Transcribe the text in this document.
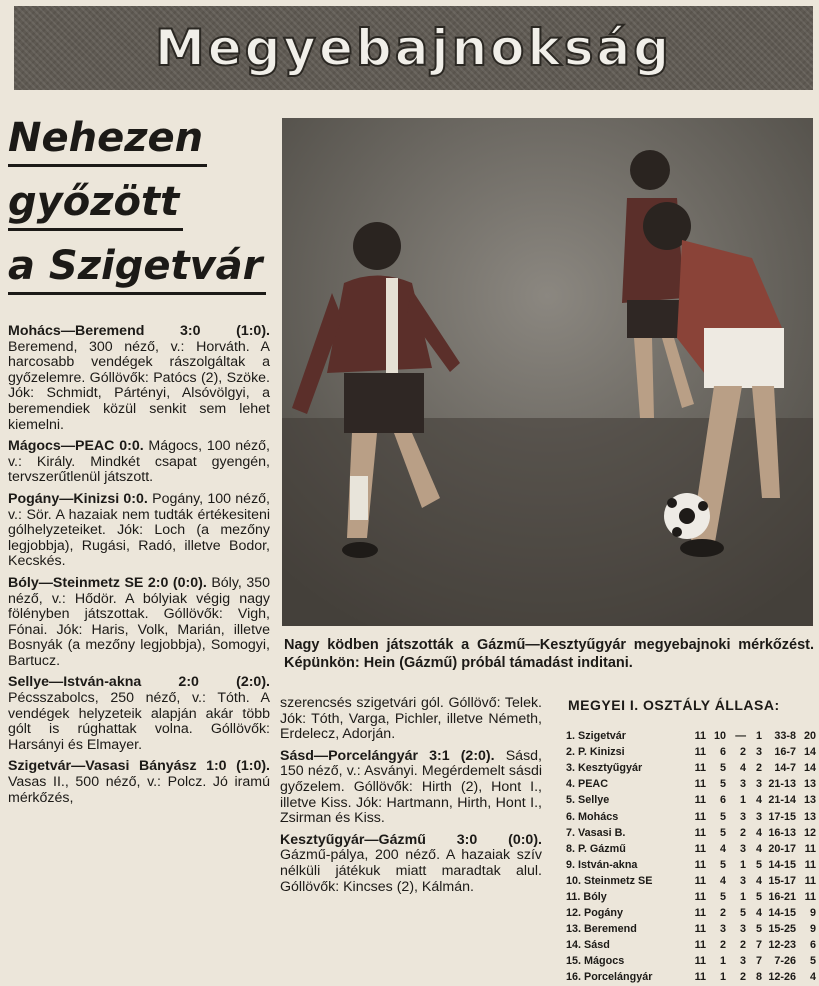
Megyebajnokság
Nehezen
győzött
a Szigetvár

Mohács—Beremend 3:0 (1:0). Beremend, 300 néző, v.: Horváth. A harcosabb vendégek rászolgáltak a győzelemre. Góllövők: Patócs (2), Szöke. Jók: Schmidt, Pártényi, Alsóvölgyi, a beremendiek közül senkit sem lehet kiemelni.

Mágocs—PEAC 0:0. Mágocs, 100 néző, v.: Király. Mindkét csapat gyengén, tervszerűtlenül játszott.

Pogány—Kinizsi 0:0. Pogány, 100 néző, v.: Sör. A hazaiak nem tudták értékesiteni gólhelyzeteiket. Jók: Loch (a mezőny legjobbja), Rugási, Radó, illetve Bodor, Kecskés.

Bóly—Steinmetz SE 2:0 (0:0). Bóly, 350 néző, v.: Hődör. A bólyiak végig nagy fölényben játszottak. Góllövők: Vigh, Fónai. Jók: Haris, Volk, Marián, illetve Bosnyák (a mezőny legjobbja), Somogyi, Bartucz.

Sellye—István-akna 2:0 (2:0). Pécsszabolcs, 250 néző, v.: Tóth. A vendégek helyzeteik alapján akár több gólt is rúghattak volna. Góllövők: Harsányi és Elmayer.

Szigetvár—Vasasi Bányász 1:0 (1:0). Vasas II., 500 néző, v.: Polcz. Jó iramú mérkőzés,

Nagy ködben játszották a Gázmű—Kesztyűgyár megyebajnoki mérkőzést. Képünkön: Hein (Gázmű) próbál támadást inditani.

szerencsés szigetvári gól. Góllövő: Telek. Jók: Tóth, Varga, Pichler, illetve Németh, Erdelecz, Adorján.

Sásd—Porcelángyár 3:1 (2:0). Sásd, 150 néző, v.: Asványi. Megérdemelt sásdi győzelem. Góllövők: Hirth (2), Hont I., illetve Kiss. Jók: Hartmann, Hirth, Hont I., Zsirman és Kiss.

Kesztyűgyár—Gázmű 3:0 (0:0). Gázmű-pálya, 200 néző. A hazaiak szív nélküli játékuk miatt maradtak alul. Góllövők: Kincses (2), Kálmán.

MEGYEI I. OSZTÁLY ÁLLASA:
1. Szigetvár	11	10	—	1	33-8	20
2. P. Kinizsi	11	6	2	3	16-7	14
3. Kesztyűgyár	11	5	4	2	14-7	14
4. PEAC	11	5	3	3	21-13	13
5. Sellye	11	6	1	4	21-14	13
6. Mohács	11	5	3	3	17-15	13
7. Vasasi B.	11	5	2	4	16-13	12
8. P. Gázmű	11	4	3	4	20-17	11
9. István-akna	11	5	1	5	14-15	11
10. Steinmetz SE	11	4	3	4	15-17	11
11. Bóly	11	5	1	5	16-21	11
12. Pogány	11	2	5	4	14-15	9
13. Beremend	11	3	3	5	15-25	9
14. Sásd	11	2	2	7	12-23	6
15. Mágocs	11	1	3	7	7-26	5
16. Porcelángyár	11	1	2	8	12-26	4
